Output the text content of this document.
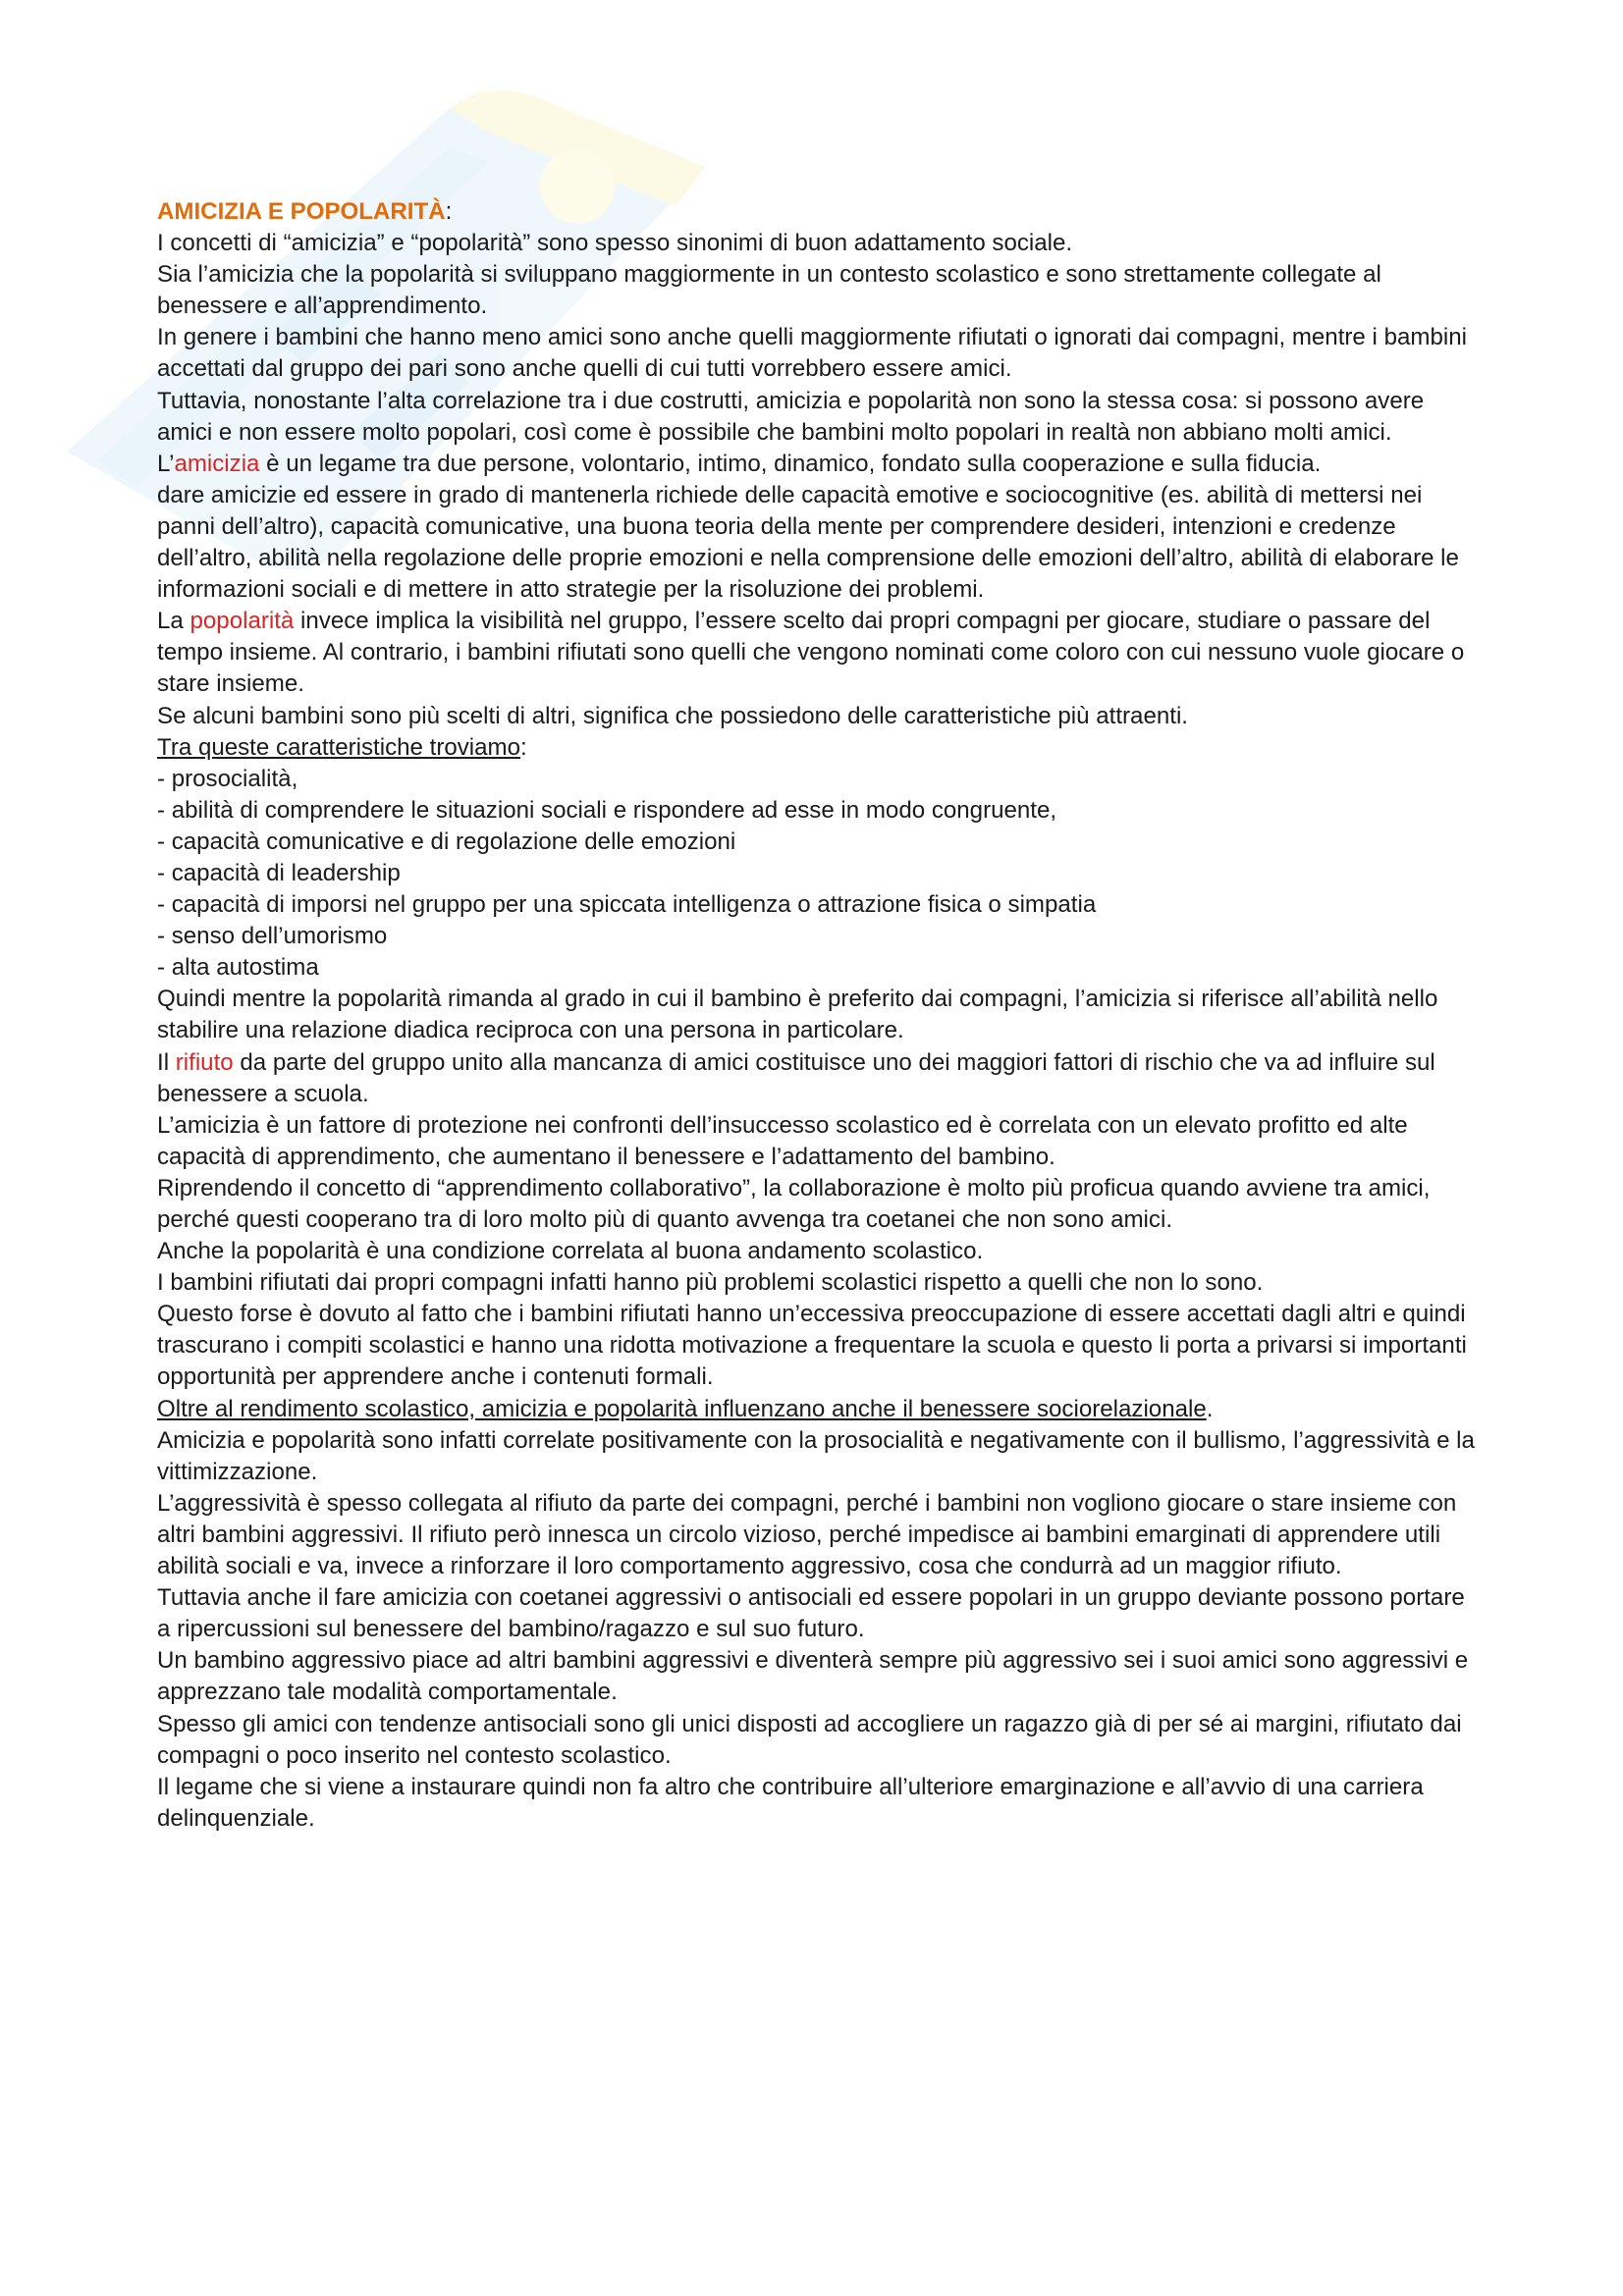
AMICIZIA E POPOLARITÀ:

I concetti di “amicizia” e “popolarità” sono spesso sinonimi di buon adattamento sociale.

Sia l’amicizia che la popolarità si sviluppano maggiormente in un contesto scolastico e sono strettamente collegate al benessere e all’apprendimento.

In genere i bambini che hanno meno amici sono anche quelli maggiormente rifiutati o ignorati dai compagni, mentre i bambini accettati dal gruppo dei pari sono anche quelli di cui tutti vorrebbero essere amici.

Tuttavia, nonostante l’alta correlazione tra i due costrutti, amicizia e popolarità non sono la stessa cosa: si possono avere amici e non essere molto popolari, così come è possibile che bambini molto popolari in realtà non abbiano molti amici.

L’amicizia è un legame tra due persone, volontario, intimo, dinamico, fondato sulla cooperazione e sulla fiducia.

dare amicizie ed essere in grado di mantenerla richiede delle capacità emotive e sociocognitive (es. abilità di mettersi nei panni dell’altro), capacità comunicative, una buona teoria della mente per comprendere desideri, intenzioni e credenze dell’altro, abilità nella regolazione delle proprie emozioni e nella comprensione delle emozioni dell’altro, abilità di elaborare le informazioni sociali e di mettere in atto strategie per la risoluzione dei problemi.

La popolarità invece implica la visibilità nel gruppo, l’essere scelto dai propri compagni per giocare, studiare o passare del tempo insieme. Al contrario, i bambini rifiutati sono quelli che vengono nominati come coloro con cui nessuno vuole giocare o stare insieme.

Se alcuni bambini sono più scelti di altri, significa che possiedono delle caratteristiche più attraenti.

Tra queste caratteristiche troviamo:

- prosocialità,

- abilità di comprendere le situazioni sociali e rispondere ad esse in modo congruente,

- capacità comunicative e di regolazione delle emozioni

- capacità di leadership

- capacità di imporsi nel gruppo per una spiccata intelligenza o attrazione fisica o simpatia

- senso dell’umorismo

- alta autostima

Quindi mentre la popolarità rimanda al grado in cui il bambino è preferito dai compagni, l’amicizia si riferisce all’abilità nello stabilire una relazione diadica reciproca con una persona in particolare.

Il rifiuto da parte del gruppo unito alla mancanza di amici costituisce uno dei maggiori fattori di rischio che va ad influire sul benessere a scuola.

L’amicizia è un fattore di protezione nei confronti dell’insuccesso scolastico ed è correlata con un elevato profitto ed alte capacità di apprendimento, che aumentano il benessere e l’adattamento del bambino.

Riprendendo il concetto di “apprendimento collaborativo”, la collaborazione è molto più proficua quando avviene tra amici, perché questi cooperano tra di loro molto più di quanto avvenga tra coetanei che non sono amici.

Anche la popolarità è una condizione correlata al buona andamento scolastico.

I bambini rifiutati dai propri compagni infatti hanno più problemi scolastici rispetto a quelli che non lo sono.

Questo forse è dovuto al fatto che i bambini rifiutati hanno un’eccessiva preoccupazione di essere accettati dagli altri e quindi trascurano i compiti scolastici e hanno una ridotta motivazione a frequentare la scuola e questo li porta a privarsi si importanti opportunità per apprendere anche i contenuti formali.

Oltre al rendimento scolastico, amicizia e popolarità influenzano anche il benessere sociorelazionale.

Amicizia e popolarità sono infatti correlate positivamente con la prosocialità e negativamente con il bullismo, l’aggressività e la vittimizzazione.

L’aggressività è spesso collegata al rifiuto da parte dei compagni, perché i bambini non vogliono giocare o stare insieme con altri bambini aggressivi. Il rifiuto però innesca un circolo vizioso, perché impedisce ai bambini emarginati di apprendere utili abilità sociali e va, invece a rinforzare il loro comportamento aggressivo, cosa che condurrà ad un maggior rifiuto.

Tuttavia anche il fare amicizia con coetanei aggressivi o antisociali ed essere popolari in un gruppo deviante possono portare a ripercussioni sul benessere del bambino/ragazzo e sul suo futuro.

Un bambino aggressivo piace ad altri bambini aggressivi e diventerà sempre più aggressivo sei i suoi amici sono aggressivi e apprezzano tale modalità comportamentale.

Spesso gli amici con tendenze antisociali sono gli unici disposti ad accogliere un ragazzo già di per sé ai margini, rifiutato dai compagni o poco inserito nel contesto scolastico.

Il legame che si viene a instaurare quindi non fa altro che contribuire all’ulteriore emarginazione e all’avvio di una carriera delinquenziale.
